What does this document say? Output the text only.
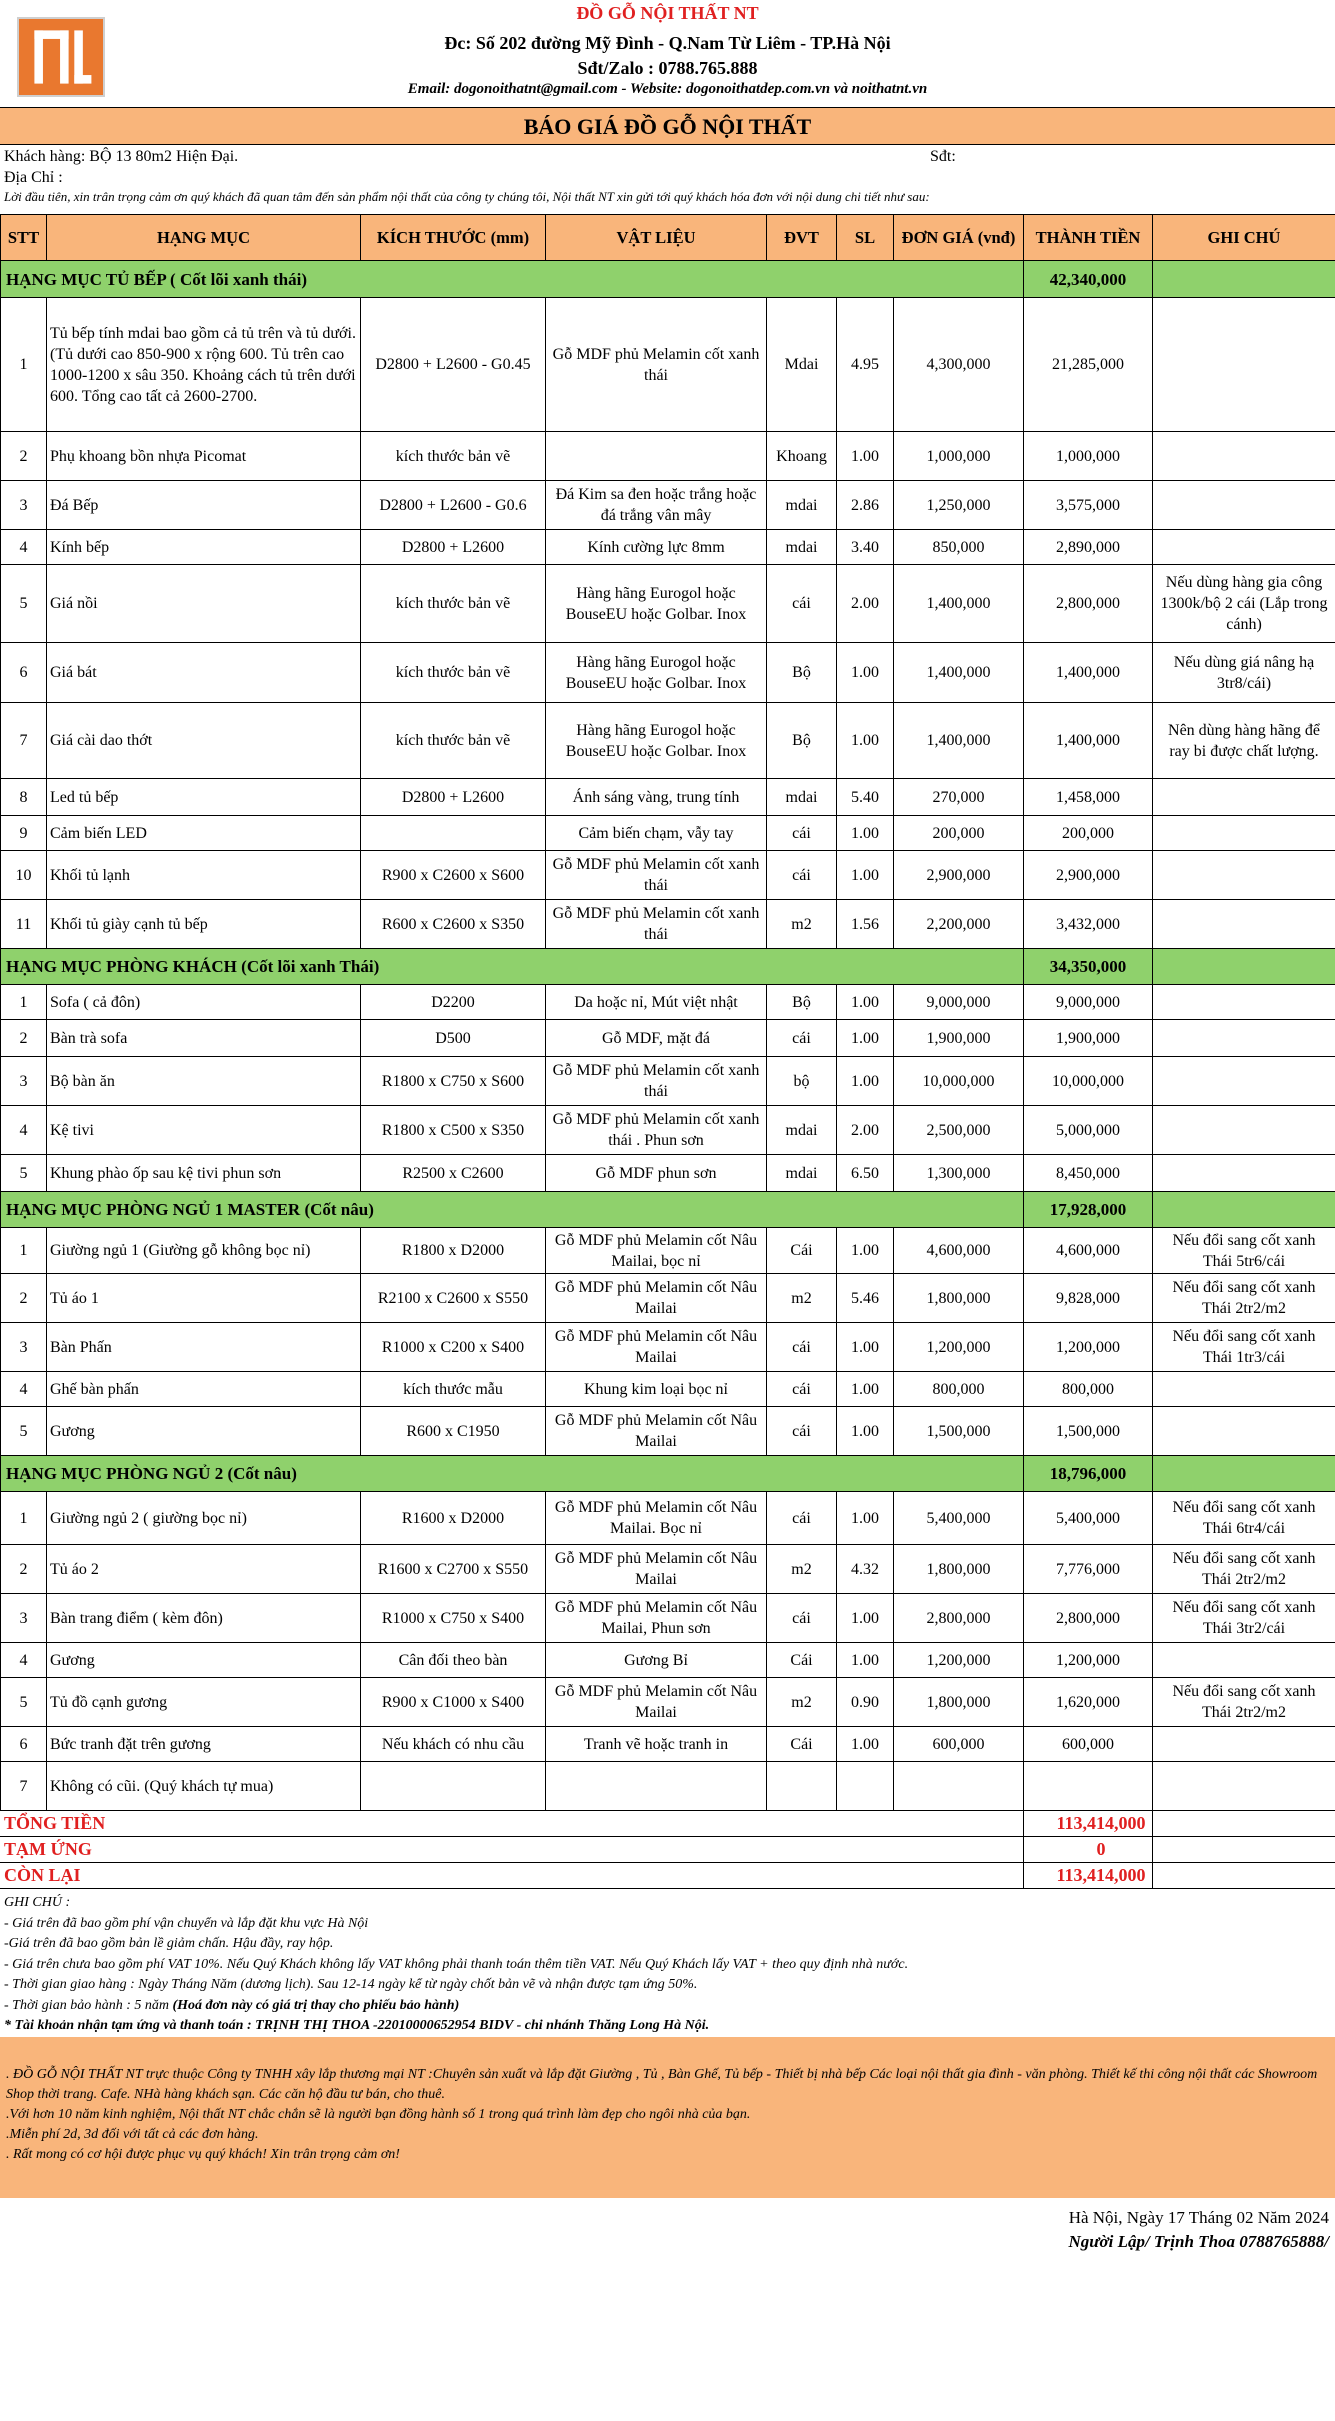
ĐỒ GỖ NỘI THẤT NT
Đc: Số 202 đường Mỹ Đình - Q.Nam Từ Liêm - TP.Hà Nội
Sđt/Zalo : 0788.765.888
Email: dogonoithatnt@gmail.com - Website: dogonoithatdep.com.vn và noithatnt.vn
BÁO GIÁ ĐỒ GỖ NỘI THẤT
Khách hàng: BỘ 13 80m2 Hiện Đại.	Sđt:
Địa Chỉ :
Lời đầu tiên, xin trân trọng cảm ơn quý khách đã quan tâm đến sản phẩm nội thất của công ty chúng tôi, Nội thất NT xin gửi tới quý khách hóa đơn với nội dung chi tiết như sau:
STT	HẠNG MỤC	KÍCH THƯỚC (mm)	VẬT LIỆU	ĐVT	SL	ĐƠN GIÁ (vnđ)	THÀNH TIỀN	GHI CHÚ
HẠNG MỤC TỦ BẾP ( Cốt lõi xanh thái)							42,340,000	
1	Tủ bếp tính mdai bao gồm cả tủ trên và tủ dưới. (Tủ dưới cao 850-900 x rộng 600. Tủ trên cao 1000-1200 x sâu 350. Khoảng cách tủ trên dưới 600. Tổng cao tất cả 2600-2700.	D2800 + L2600 - G0.45	Gỗ MDF phủ Melamin cốt xanh thái	Mdai	4.95	4,300,000	21,285,000	
2	Phụ khoang bồn nhựa Picomat	kích thước bản vẽ		Khoang	1.00	1,000,000	1,000,000	
3	Đá Bếp	D2800 + L2600 - G0.6	Đá Kim sa đen hoặc trắng hoặc đá trắng vân mây	mdai	2.86	1,250,000	3,575,000	
4	Kính bếp	D2800 + L2600	Kính cường lực 8mm	mdai	3.40	850,000	2,890,000	
5	Giá nồi	kích thước bản vẽ	Hàng hãng Eurogol hoặc BouseEU hoặc Golbar. Inox	cái	2.00	1,400,000	2,800,000	Nếu dùng hàng gia công 1300k/bộ 2 cái (Lắp trong cánh)
6	Giá bát	kích thước bản vẽ	Hàng hãng Eurogol hoặc BouseEU hoặc Golbar. Inox	Bộ	1.00	1,400,000	1,400,000	Nếu dùng giá nâng hạ 3tr8/cái)
7	Giá cài dao thớt	kích thước bản vẽ	Hàng hãng Eurogol hoặc BouseEU hoặc Golbar. Inox	Bộ	1.00	1,400,000	1,400,000	Nên dùng hàng hãng để ray bi được chất lượng.
8	Led tủ bếp	D2800 + L2600	Ánh sáng vàng, trung tính	mdai	5.40	270,000	1,458,000	
9	Cảm biến LED		Cảm biến chạm, vẫy tay	cái	1.00	200,000	200,000	
10	Khối tủ lạnh	R900 x C2600 x S600	Gỗ MDF phủ Melamin cốt xanh thái	cái	1.00	2,900,000	2,900,000	
11	Khối tủ giày cạnh tủ bếp	R600 x C2600 x S350	Gỗ MDF phủ Melamin cốt xanh thái	m2	1.56	2,200,000	3,432,000	
HẠNG MỤC PHÒNG KHÁCH (Cốt lõi xanh Thái)							34,350,000	
1	Sofa ( cả đôn)	D2200	Da hoặc nỉ, Mút việt nhật	Bộ	1.00	9,000,000	9,000,000	
2	Bàn trà sofa	D500	Gỗ MDF, mặt đá	cái	1.00	1,900,000	1,900,000	
3	Bộ bàn ăn	R1800 x C750 x S600	Gỗ MDF phủ Melamin cốt xanh thái	bộ	1.00	10,000,000	10,000,000	
4	Kệ tivi	R1800 x C500 x S350	Gỗ MDF phủ Melamin cốt xanh thái . Phun sơn	mdai	2.00	2,500,000	5,000,000	
5	Khung phào ốp sau kệ tivi phun sơn	R2500 x C2600	Gỗ MDF phun sơn	mdai	6.50	1,300,000	8,450,000	
HẠNG MỤC PHÒNG NGỦ 1 MASTER (Cốt nâu)							17,928,000	
1	Giường ngủ 1 (Giường gỗ không bọc nỉ)	R1800 x D2000	Gỗ MDF phủ Melamin cốt Nâu Mailai, bọc nỉ	Cái	1.00	4,600,000	4,600,000	Nếu đổi sang cốt xanh Thái 5tr6/cái
2	Tủ áo 1	R2100 x C2600 x S550	Gỗ MDF phủ Melamin cốt Nâu Mailai	m2	5.46	1,800,000	9,828,000	Nếu đổi sang cốt xanh Thái 2tr2/m2
3	Bàn Phấn	R1000 x C200 x S400	Gỗ MDF phủ Melamin cốt Nâu Mailai	cái	1.00	1,200,000	1,200,000	Nếu đổi sang cốt xanh Thái 1tr3/cái
4	Ghế bàn phấn	kích thước mẫu	Khung kim loại bọc nỉ	cái	1.00	800,000	800,000	
5	Gương	R600 x C1950	Gỗ MDF phủ Melamin cốt Nâu Mailai	cái	1.00	1,500,000	1,500,000	
HẠNG MỤC PHÒNG NGỦ 2 (Cốt nâu)							18,796,000	
1	Giường ngủ 2 ( giường bọc nỉ)	R1600 x D2000	Gỗ MDF phủ Melamin cốt Nâu Mailai. Bọc nỉ	cái	1.00	5,400,000	5,400,000	Nếu đổi sang cốt xanh Thái 6tr4/cái
2	Tủ áo 2	R1600 x C2700 x S550	Gỗ MDF phủ Melamin cốt Nâu Mailai	m2	4.32	1,800,000	7,776,000	Nếu đổi sang cốt xanh Thái 2tr2/m2
3	Bàn trang điểm ( kèm đôn)	R1000 x C750 x S400	Gỗ MDF phủ Melamin cốt Nâu Mailai, Phun sơn	cái	1.00	2,800,000	2,800,000	Nếu đổi sang cốt xanh Thái 3tr2/cái
4	Gương	Cân đối theo bàn	Gương Bỉ	Cái	1.00	1,200,000	1,200,000	
5	Tủ đồ cạnh gương	R900 x C1000 x S400	Gỗ MDF phủ Melamin cốt Nâu Mailai	m2	0.90	1,800,000	1,620,000	Nếu đổi sang cốt xanh Thái 2tr2/m2
6	Bức tranh đặt trên gương	Nếu khách có nhu cầu	Tranh vẽ hoặc tranh in	Cái	1.00	600,000	600,000	
7	Không có cũi. (Quý khách tự mua)							
TỔNG TIỀN	113,414,000
TẠM ỨNG	0
CÒN LẠI	113,414,000
GHI CHÚ :
- Giá trên đã bao gồm phí vận chuyển và lắp đặt khu vực Hà Nội
-Giá trên đã bao gồm bản lề giảm chấn. Hậu đầy, ray hộp.
- Giá trên chưa bao gồm phí VAT 10%. Nếu Quý Khách không lấy VAT không phải thanh toán thêm tiền VAT. Nếu Quý Khách lấy VAT + theo quy định nhà nước.
- Thời gian giao hàng : Ngày Tháng Năm (dương lịch). Sau 12-14 ngày kể từ ngày chốt bản vẽ và nhận được tạm ứng 50%.
- Thời gian bảo hành : 5 năm (Hoá đơn này có giá trị thay cho phiếu bảo hành)
* Tài khoản nhận tạm ứng và thanh toán : TRỊNH THỊ THOA -22010000652954 BIDV - chi nhánh Thăng Long Hà Nội.
. ĐỒ GỖ NỘI THẤT NT trực thuộc Công ty TNHH xây lắp thương mại NT :Chuyên sản xuất và lắp đặt Giường , Tủ , Bàn Ghế, Tủ bếp - Thiết bị nhà bếp Các loại nội thất gia đình - văn phòng. Thiết kế thi công nội thất các Showroom Shop thời trang. Cafe. NHà hàng khách sạn. Các căn hộ đầu tư bán, cho thuê.
.Với hơn 10 năm kinh nghiệm, Nội thất NT chắc chắn sẽ là người bạn đồng hành số 1 trong quá trình làm đẹp cho ngôi nhà của bạn.
.Miễn phí 2d, 3d đối với tất cả các đơn hàng.
. Rất mong có cơ hội được phục vụ quý khách! Xin trân trọng cảm ơn!
Hà Nội, Ngày 17 Tháng 02 Năm 2024
Người Lập/ Trịnh Thoa 0788765888/
